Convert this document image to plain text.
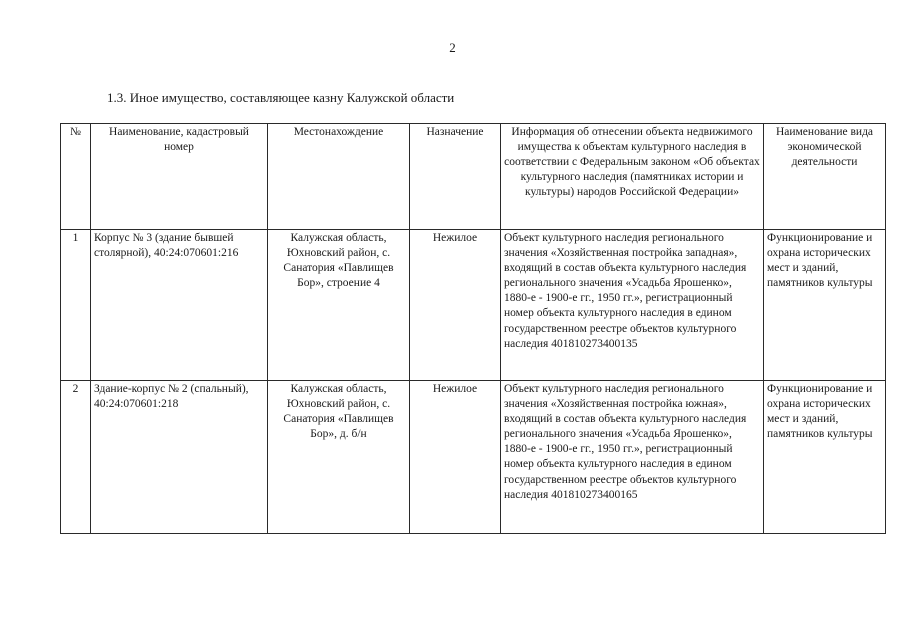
2
1.3. Иное имущество, составляющее казну Калужской области
№	Наименование, кадастровый номер	Местонахождение	Назначение	Информация об отнесении объекта недвижимого имущества к объектам культурного наследия в соответствии с Федеральным законом «Об объектах культурного наследия (памятниках истории и культуры) народов Российской Федерации»	Наименование вида экономической деятельности
1	Корпус № 3 (здание бывшей столярной), 40:24:070601:216	Калужская область, Юхновский район, с. Санатория «Павлищев Бор», строение 4	Нежилое	Объект культурного наследия регионального значения «Хозяйственная постройка западная», входящий в состав объекта культурного наследия регионального значения «Усадьба Ярошенко», 1880-е - 1900-е гг., 1950 гг.», регистрационный номер объекта культурного наследия в едином государственном реестре объектов культурного наследия 401810273400135	Функционирование и охрана исторических мест и зданий, памятников культуры
2	Здание-корпус № 2 (спальный), 40:24:070601:218	Калужская область, Юхновский район, с. Санатория «Павлищев Бор», д. б/н	Нежилое	Объект культурного наследия регионального значения «Хозяйственная постройка южная», входящий в состав объекта культурного наследия регионального значения «Усадьба Ярошенко», 1880-е - 1900-е гг., 1950 гг.», регистрационный номер объекта культурного наследия в едином государственном реестре объектов культурного наследия 401810273400165	Функционирование и охрана исторических мест и зданий, памятников культуры
